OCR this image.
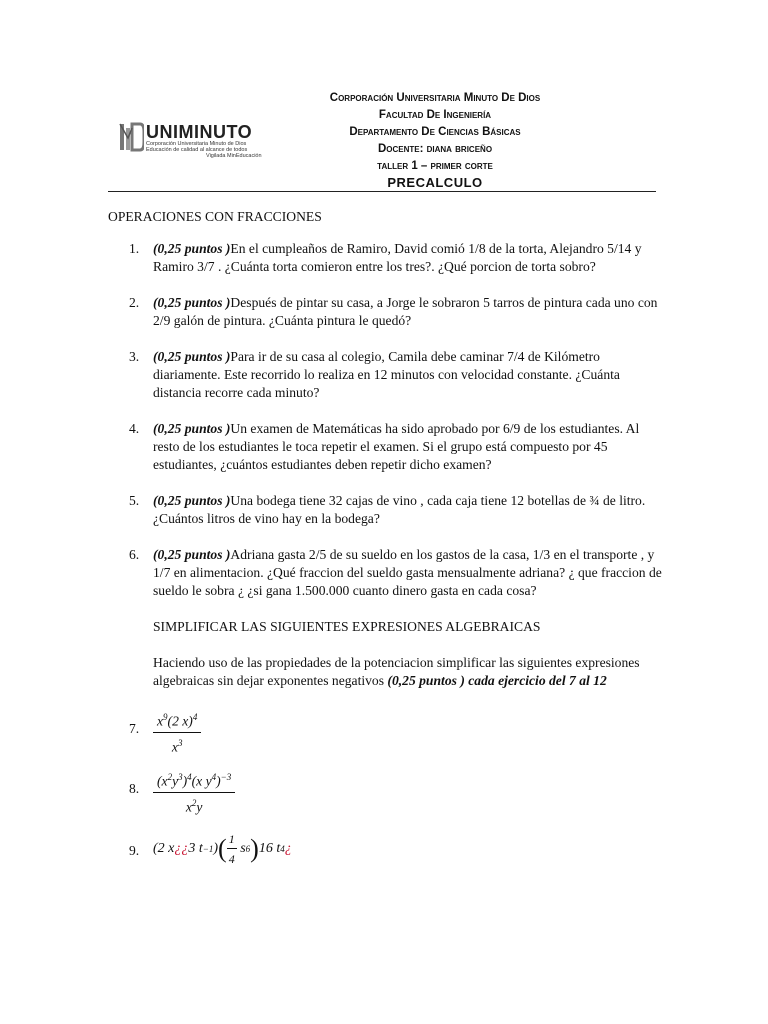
UNIMINUTO
Corporación Universitaria Minuto de Dios
Educación de calidad al alcance de todos
Vigilada MinEducación
Corporación Universitaria Minuto De Dios
Facultad De Ingeniería
Departamento De Ciencias Básicas
Docente: diana briceño
taller 1 – primer corte
PRECALCULO
OPERACIONES CON FRACCIONES
1. (0,25 puntos )En el cumpleaños de Ramiro, David comió 1/8 de la torta, Alejandro 5/14 y Ramiro 3/7 . ¿Cuánta torta comieron entre los tres?. ¿Qué porcion de torta sobro?
2. (0,25 puntos )Después de pintar su casa, a Jorge le sobraron 5 tarros de pintura cada uno con 2/9 galón de pintura. ¿Cuánta pintura le quedó?
3. (0,25 puntos )Para ir de su casa al colegio, Camila debe caminar 7/4 de Kilómetro diariamente. Este recorrido lo realiza en 12 minutos con velocidad constante. ¿Cuánta distancia recorre cada minuto?
4. (0,25 puntos )Un examen de Matemáticas ha sido aprobado por 6/9 de los estudiantes. Al resto de los estudiantes le toca repetir el examen. Si el grupo está compuesto por 45 estudiantes, ¿cuántos estudiantes deben repetir dicho examen?
5. (0,25 puntos )Una bodega tiene 32 cajas de vino , cada caja tiene 12 botellas de ¾ de litro. ¿Cuántos litros de vino hay en la bodega?
6. (0,25 puntos )Adriana gasta 2/5 de su sueldo en los gastos de la casa, 1/3 en el transporte , y 1/7 en alimentacion. ¿Qué fraccion del sueldo gasta mensualmente adriana? ¿ que fraccion de sueldo le sobra ¿ ¿si gana 1.500.000 cuanto dinero gasta en cada cosa?
SIMPLIFICAR LAS SIGUIENTES EXPRESIONES ALGEBRAICAS
Haciendo uso de las propiedades de la potenciacion simplificar las siguientes expresiones algebraicas sin dejar exponentes negativos (0,25 puntos ) cada ejercicio del 7 al 12
7. $\frac{x^9(2 x)^4}{x^3}$
8. $\frac{(x^2y^3)^4(x y^4)^{-3}}{x^2y}$
9. (2 x ¿ ¿ 3 t −1 ) ( $\frac{1}{4}$ s 6 ) 16 t 4 ¿
